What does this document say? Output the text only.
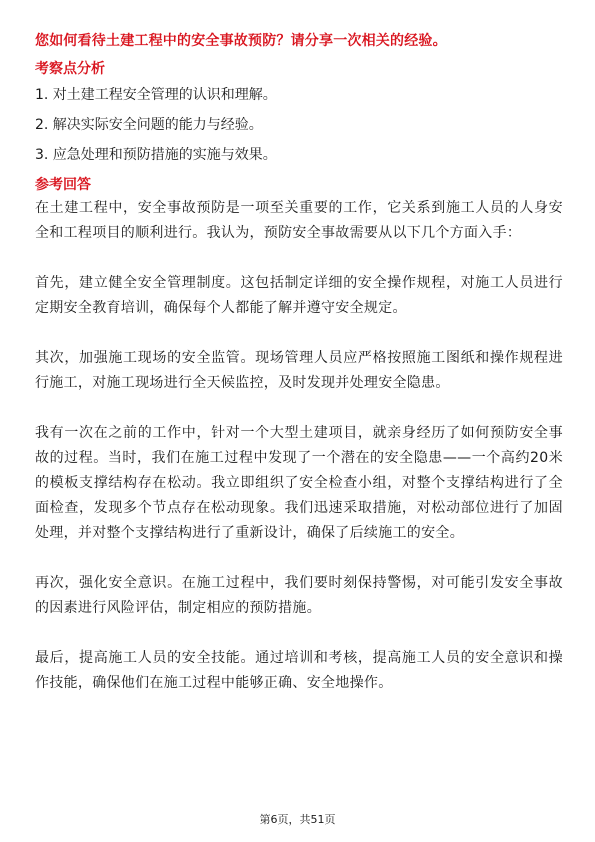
您如何看待土建工程中的安全事故预防？请分享一次相关的经验。
考察点分析
1. 对土建工程安全管理的认识和理解。
2. 解决实际安全问题的能力与经验。
3. 应急处理和预防措施的实施与效果。
参考回答
在土建工程中，安全事故预防是一项至关重要的工作，它关系到施工人员的人身安全和工程项目的顺利进行。我认为，预防安全事故需要从以下几个方面入手：
首先，建立健全安全管理制度。这包括制定详细的安全操作规程，对施工人员进行定期安全教育培训，确保每个人都能了解并遵守安全规定。
其次，加强施工现场的安全监管。现场管理人员应严格按照施工图纸和操作规程进行施工，对施工现场进行全天候监控，及时发现并处理安全隐患。
我有一次在之前的工作中，针对一个大型土建项目，就亲身经历了如何预防安全事故的过程。当时，我们在施工过程中发现了一个潜在的安全隐患——一个高约20米的模板支撑结构存在松动。我立即组织了安全检查小组，对整个支撑结构进行了全面检查，发现多个节点存在松动现象。我们迅速采取措施，对松动部位进行了加固处理，并对整个支撑结构进行了重新设计，确保了后续施工的安全。
再次，强化安全意识。在施工过程中，我们要时刻保持警惕，对可能引发安全事故的因素进行风险评估，制定相应的预防措施。
最后，提高施工人员的安全技能。通过培训和考核，提高施工人员的安全意识和操作技能，确保他们在施工过程中能够正确、安全地操作。
第6页，共51页
